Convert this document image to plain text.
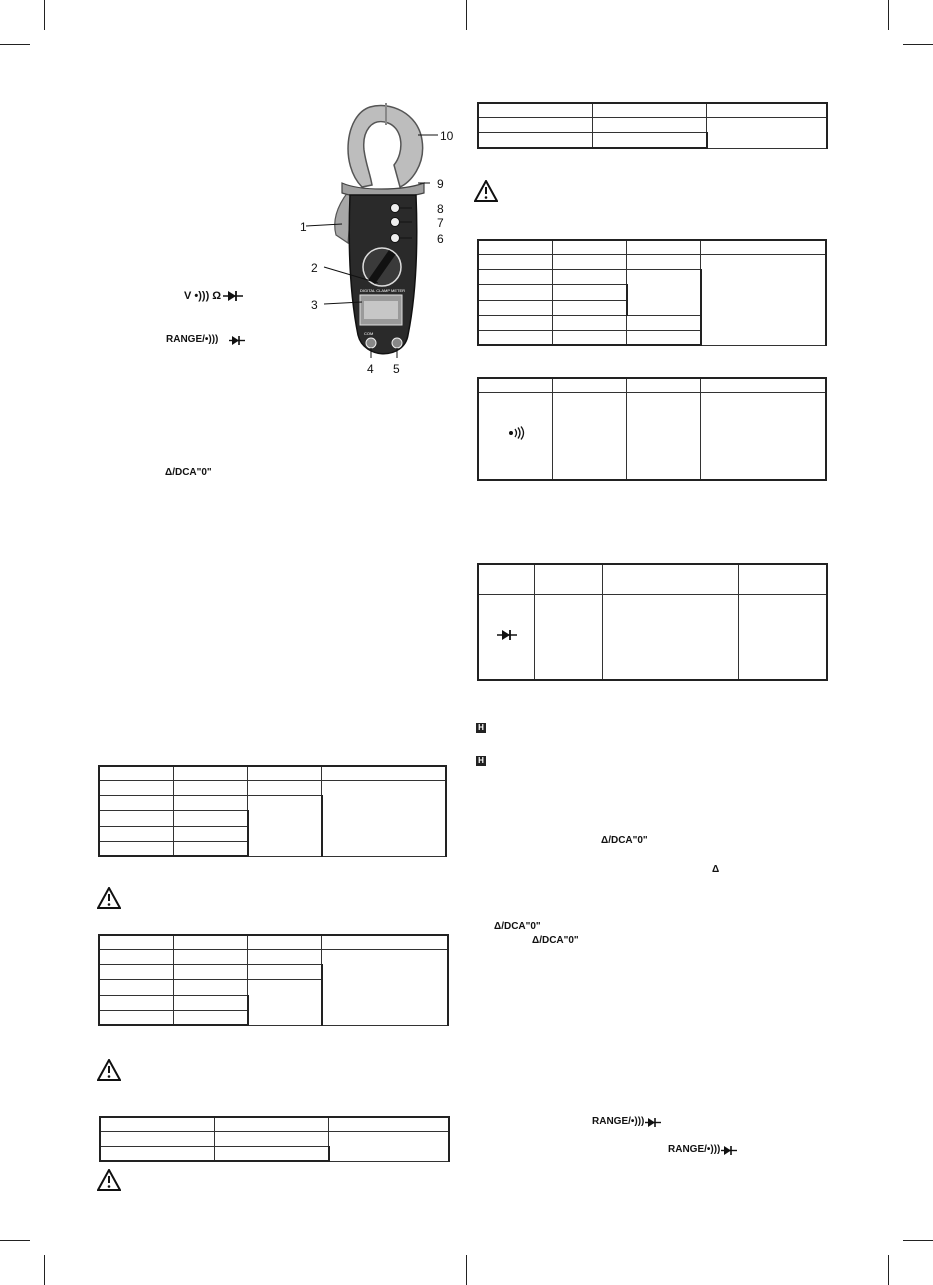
DIGITAL CLAMP METER
COM
1
2
3
4 5
6
7
8
9
10
V •))) Ω
RANGE/•)))
Δ/DCA"0"

H
H
Δ/DCA"0"
Δ
Δ/DCA"0"
Δ/DCA"0"
RANGE/•)))
RANGE/•)))
